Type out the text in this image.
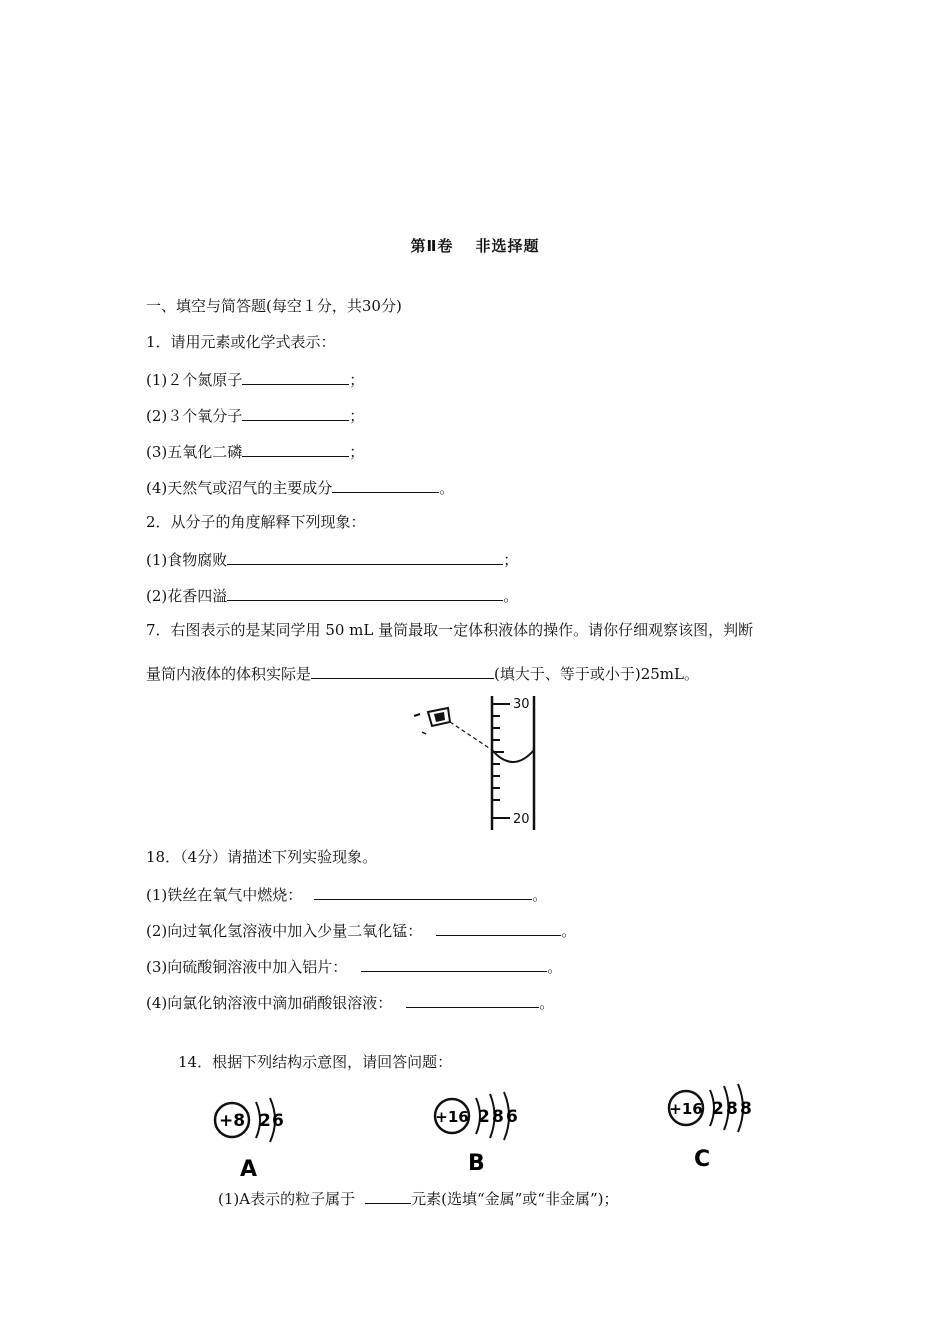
第Ⅱ卷　 非选择题
一、填空与简答题(每空１分，共30分)
1．请用元素或化学式表示：
(1)２个氮原子	；
(2)３个氧分子	；
(3)五氧化二磷	；
(4)天然气或沼气的主要成分	。
2．从分子的角度解释下列现象：
(1)食物腐败	；
(2)花香四溢	。
7．右图表示的是某同学用 50 mL 量筒最取一定体积液体的操作。请你仔细观察该图，判断
量筒内液体的体积实际是	(填大于、等于或小于)25mL。
30
20
18．（4分）请描述下列实验现象。
(1)铁丝在氧气中燃烧：	。
(2)向过氧化氢溶液中加入少量二氧化锰：	。
(3)向硫酸铜溶液中加入铝片：	。
(4)向氯化钠溶液中滴加硝酸银溶液：	。
14．根据下列结构示意图，请回答问题：
+8 2 6
A
+16 2 8 6
B
+16 2 8 8
C
(1)A表示的粒子属于	元素(选填“金属”或“非金属”)；
